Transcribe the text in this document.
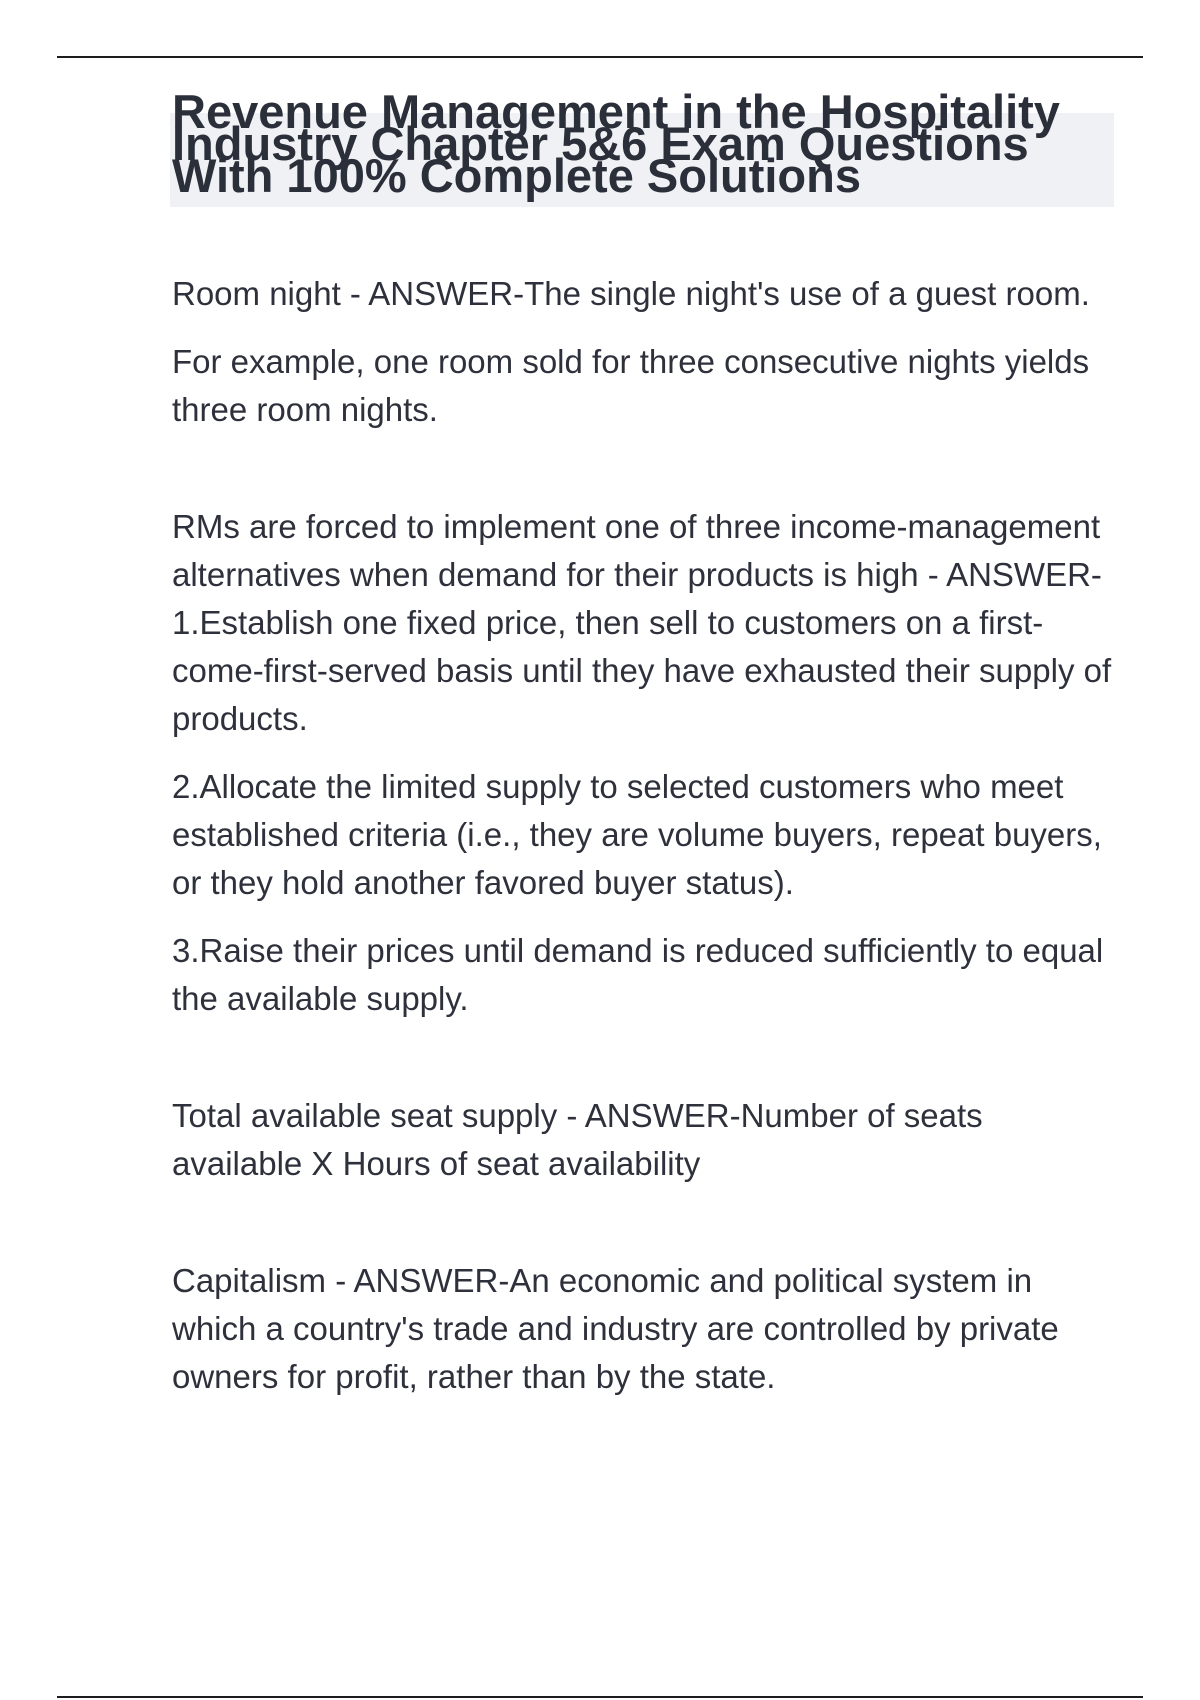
Revenue Management in the Hospitality Industry Chapter 5&6 Exam Questions With 100% Complete Solutions

Room night - ANSWER-The single night's use of a guest room.

For example, one room sold for three consecutive nights yields three room nights.

RMs are forced to implement one of three income-management alternatives when demand for their products is high - ANSWER-1.Establish one fixed price, then sell to customers on a first-come-first-served basis until they have exhausted their supply of products.

2.Allocate the limited supply to selected customers who meet established criteria (i.e., they are volume buyers, repeat buyers, or they hold another favored buyer status).

3.Raise their prices until demand is reduced sufficiently to equal the available supply.

Total available seat supply - ANSWER-Number of seats available X Hours of seat availability

Capitalism - ANSWER-An economic and political system in which a country's trade and industry are controlled by private owners for profit, rather than by the state.
